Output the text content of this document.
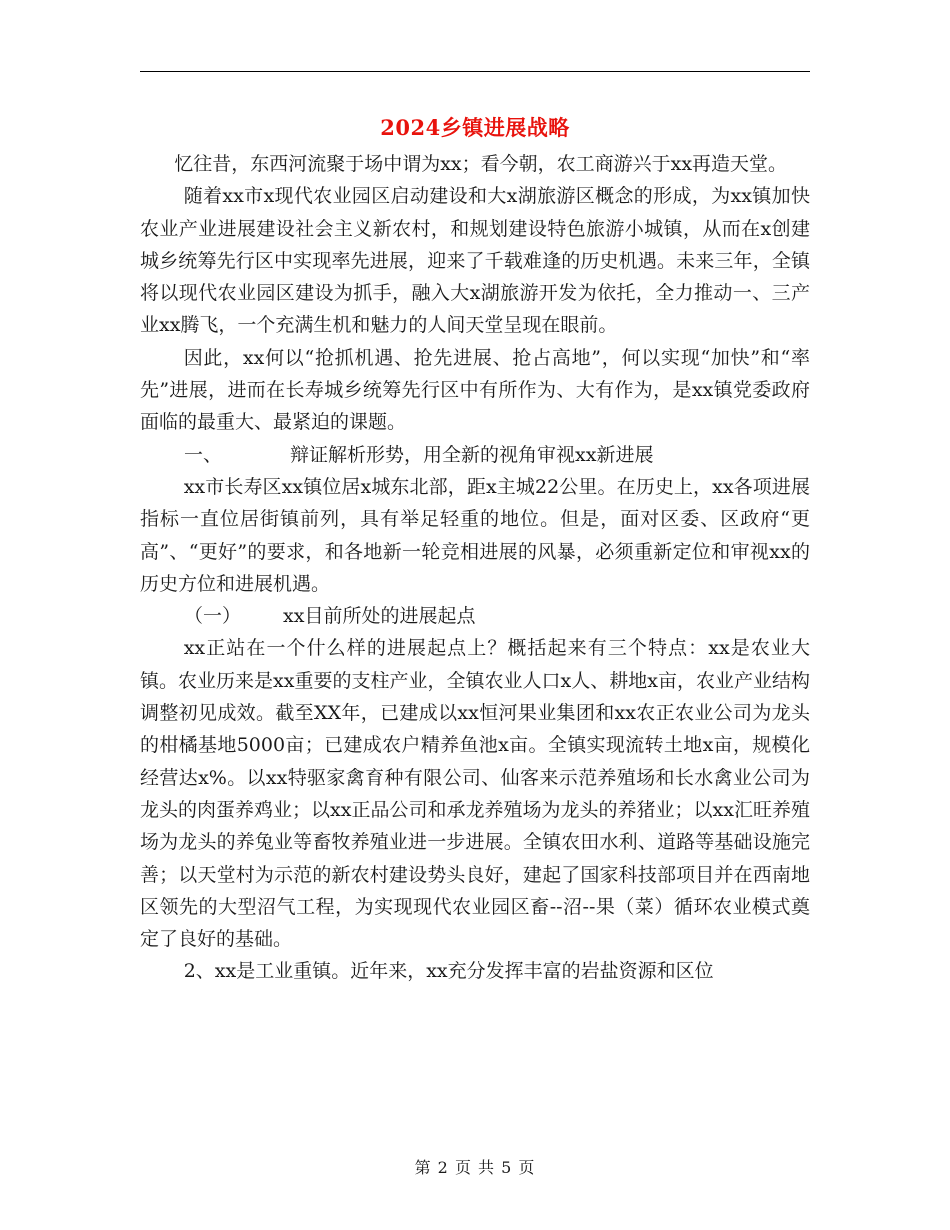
2024乡镇进展战略

忆往昔，东西河流聚于场中谓为xx；看今朝，农工商游兴于xx再造天堂。

随着xx市x现代农业园区启动建设和大x湖旅游区概念的形成，为xx镇加快农业产业进展建设社会主义新农村，和规划建设特色旅游小城镇，从而在x创建城乡统筹先行区中实现率先进展，迎来了千载难逢的历史机遇。未来三年，全镇将以现代农业园区建设为抓手，融入大x湖旅游开发为依托，全力推动一、三产业xx腾飞，一个充满生机和魅力的人间天堂呈现在眼前。

因此，xx何以“抢抓机遇、抢先进展、抢占高地”，何以实现“加快”和“率先”进展，进而在长寿城乡统筹先行区中有所作为、大有作为，是xx镇党委政府面临的最重大、最紧迫的课题。

一、	辩证解析形势，用全新的视角审视xx新进展

xx市长寿区xx镇位居x城东北部，距x主城22公里。在历史上，xx各项进展指标一直位居街镇前列，具有举足轻重的地位。但是，面对区委、区政府“更高”、“更好”的要求，和各地新一轮竞相进展的风暴，必须重新定位和审视xx的历史方位和进展机遇。

（一） xx目前所处的进展起点

xx正站在一个什么样的进展起点上？概括起来有三个特点：xx是农业大镇。农业历来是xx重要的支柱产业，全镇农业人口x人、耕地x亩，农业产业结构调整初见成效。截至XX年，已建成以xx恒河果业集团和xx农正农业公司为龙头的柑橘基地5000亩；已建成农户精养鱼池x亩。全镇实现流转土地x亩，规模化经营达x%。以xx特驱家禽育种有限公司、仙客来示范养殖场和长水禽业公司为龙头的肉蛋养鸡业；以xx正品公司和承龙养殖场为龙头的养猪业；以xx汇旺养殖场为龙头的养兔业等畜牧养殖业进一步进展。全镇农田水利、道路等基础设施完善；以天堂村为示范的新农村建设势头良好，建起了国家科技部项目并在西南地区领先的大型沼气工程，为实现现代农业园区畜--沼--果（菜）循环农业模式奠定了良好的基础。

2、xx是工业重镇。近年来，xx充分发挥丰富的岩盐资源和区位

第 2 页 共 5 页
